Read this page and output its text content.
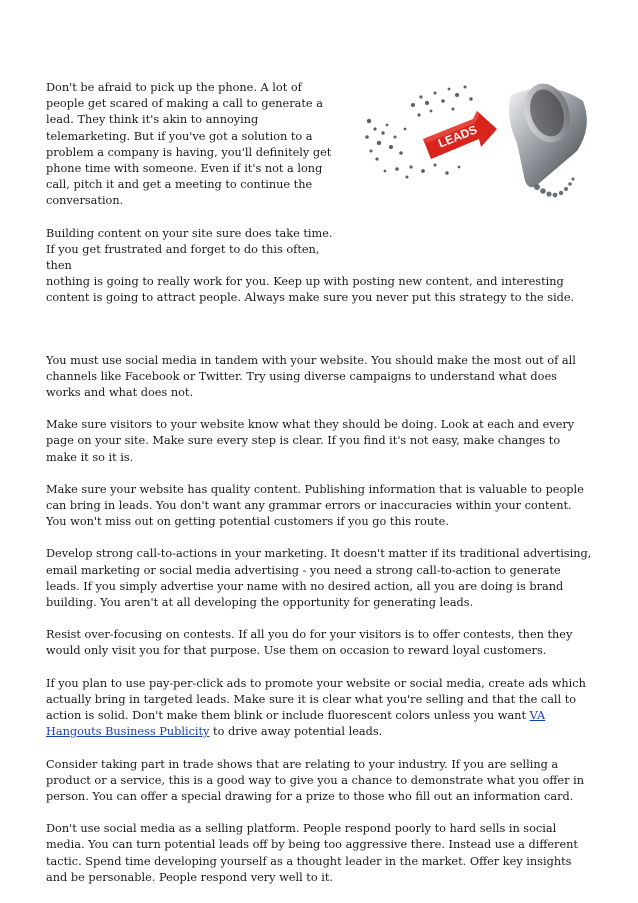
LEADS

Don't be afraid to pick up the phone. A lot of people get scared of making a call to generate a lead. They think it's akin to annoying telemarketing. But if you've got a solution to a problem a company is having, you'll definitely get phone time with someone. Even if it's not a long call, pitch it and get a meeting to continue the conversation.

Building content on your site sure does take time. If you get frustrated and forget to do this often, then
nothing is going to really work for you. Keep up with posting new content, and interesting content is going to attract people. Always make sure you never put this strategy to the side.

You must use social media in tandem with your website. You should make the most out of all channels like Facebook or Twitter. Try using diverse campaigns to understand what does works and what does not.

Make sure visitors to your website know what they should be doing. Look at each and every page on your site. Make sure every step is clear. If you find it's not easy, make changes to make it so it is.

Make sure your website has quality content. Publishing information that is valuable to people can bring in leads. You don't want any grammar errors or inaccuracies within your content. You won't miss out on getting potential customers if you go this route.

Develop strong call-to-actions in your marketing. It doesn't matter if its traditional advertising, email marketing or social media advertising - you need a strong call-to-action to generate leads. If you simply advertise your name with no desired action, all you are doing is brand building. You aren't at all developing the opportunity for generating leads.

Resist over-focusing on contests. If all you do for your visitors is to offer contests, then they would only visit you for that purpose. Use them on occasion to reward loyal customers.

If you plan to use pay-per-click ads to promote your website or social media, create ads which actually bring in targeted leads. Make sure it is clear what you're selling and that the call to action is solid. Don't make them blink or include fluorescent colors unless you want VA Hangouts Business Publicity to drive away potential leads.

Consider taking part in trade shows that are relating to your industry. If you are selling a product or a service, this is a good way to give you a chance to demonstrate what you offer in person. You can offer a special drawing for a prize to those who fill out an information card.

Don't use social media as a selling platform. People respond poorly to hard sells in social media. You can turn potential leads off by being too aggressive there. Instead use a different tactic. Spend time developing yourself as a thought leader in the market. Offer key insights and be personable. People respond very well to it.
